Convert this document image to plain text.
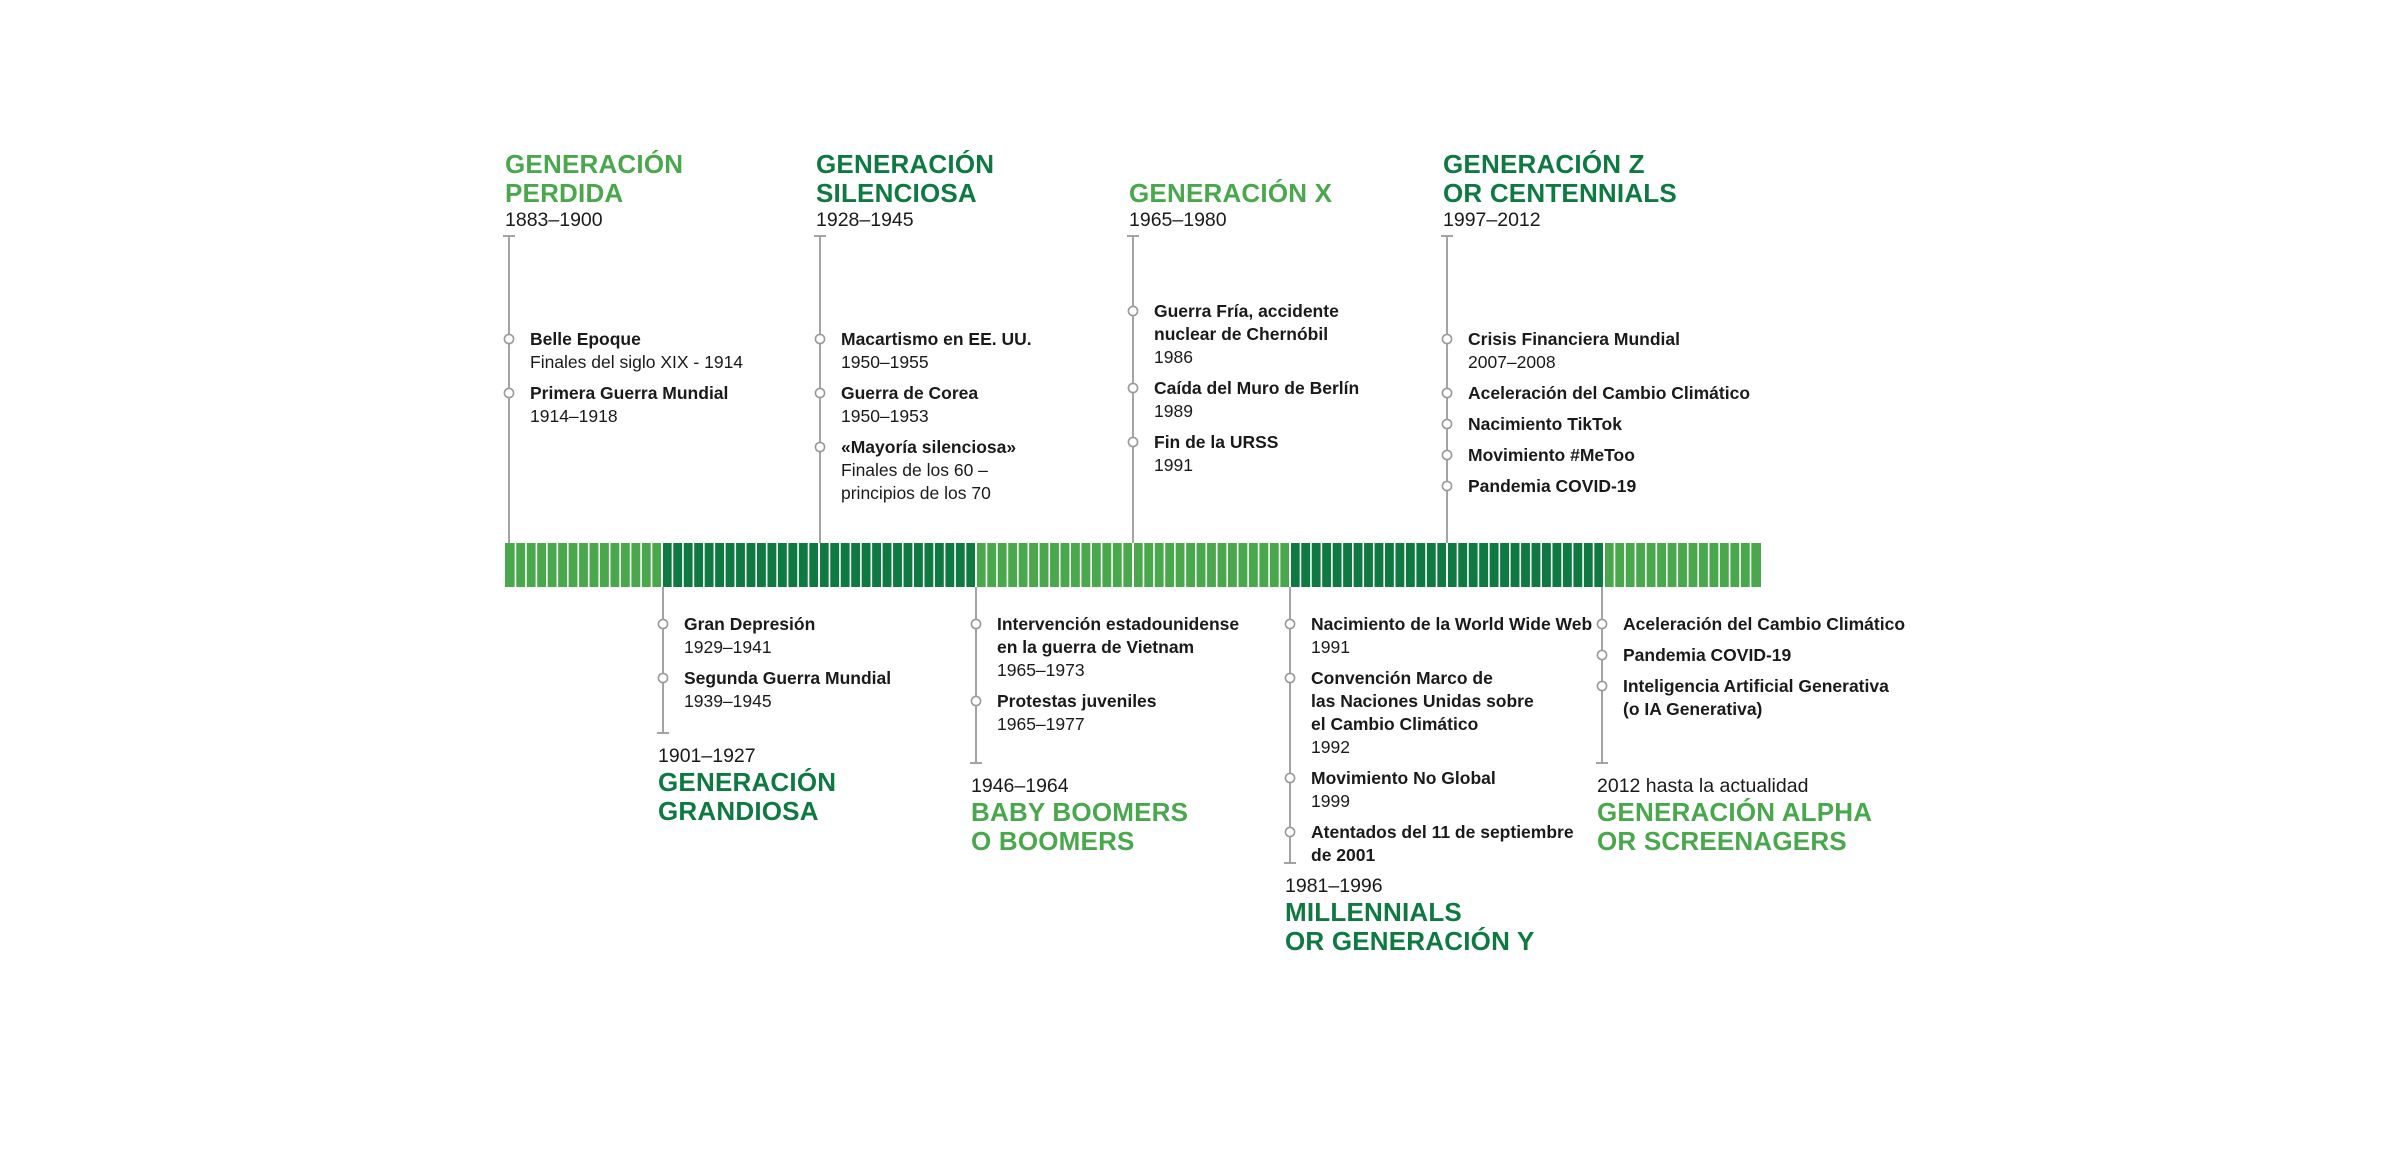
GENERACIÓN
PERDIDA
1883–1900
Belle Epoque
Finales del siglo XIX - 1914
Primera Guerra Mundial
1914–1918
1901–1927
GENERACIÓN
GRANDIOSA
Gran Depresión
1929–1941
Segunda Guerra Mundial
1939–1945
GENERACIÓN
SILENCIOSA
1928–1945
Macartismo en EE. UU.
1950–1955
Guerra de Corea
1950–1953
«Mayoría silenciosa»
Finales de los 60 –
principios de los 70
1946–1964
BABY BOOMERS
O BOOMERS
Intervención estadounidense
en la guerra de Vietnam
1965–1973
Protestas juveniles
1965–1977
GENERACIÓN X
1965–1980
Guerra Fría, accidente
nuclear de Chernóbil
1986
Caída del Muro de Berlín
1989
Fin de la URSS
1991
1981–1996
MILLENNIALS
OR GENERACIÓN Y
Nacimiento de la World Wide Web
1991
Convención Marco de
las Naciones Unidas sobre
el Cambio Climático
1992
Movimiento No Global
1999
Atentados del 11 de septiembre
de 2001
GENERACIÓN Z
OR CENTENNIALS
1997–2012
Crisis Financiera Mundial
2007–2008
Aceleración del Cambio Climático
Nacimiento TikTok
Movimiento #MeToo
Pandemia COVID-19
2012 hasta la actualidad
GENERACIÓN ALPHA
OR SCREENAGERS
Aceleración del Cambio Climático
Pandemia COVID-19
Inteligencia Artificial Generativa
(o IA Generativa)
